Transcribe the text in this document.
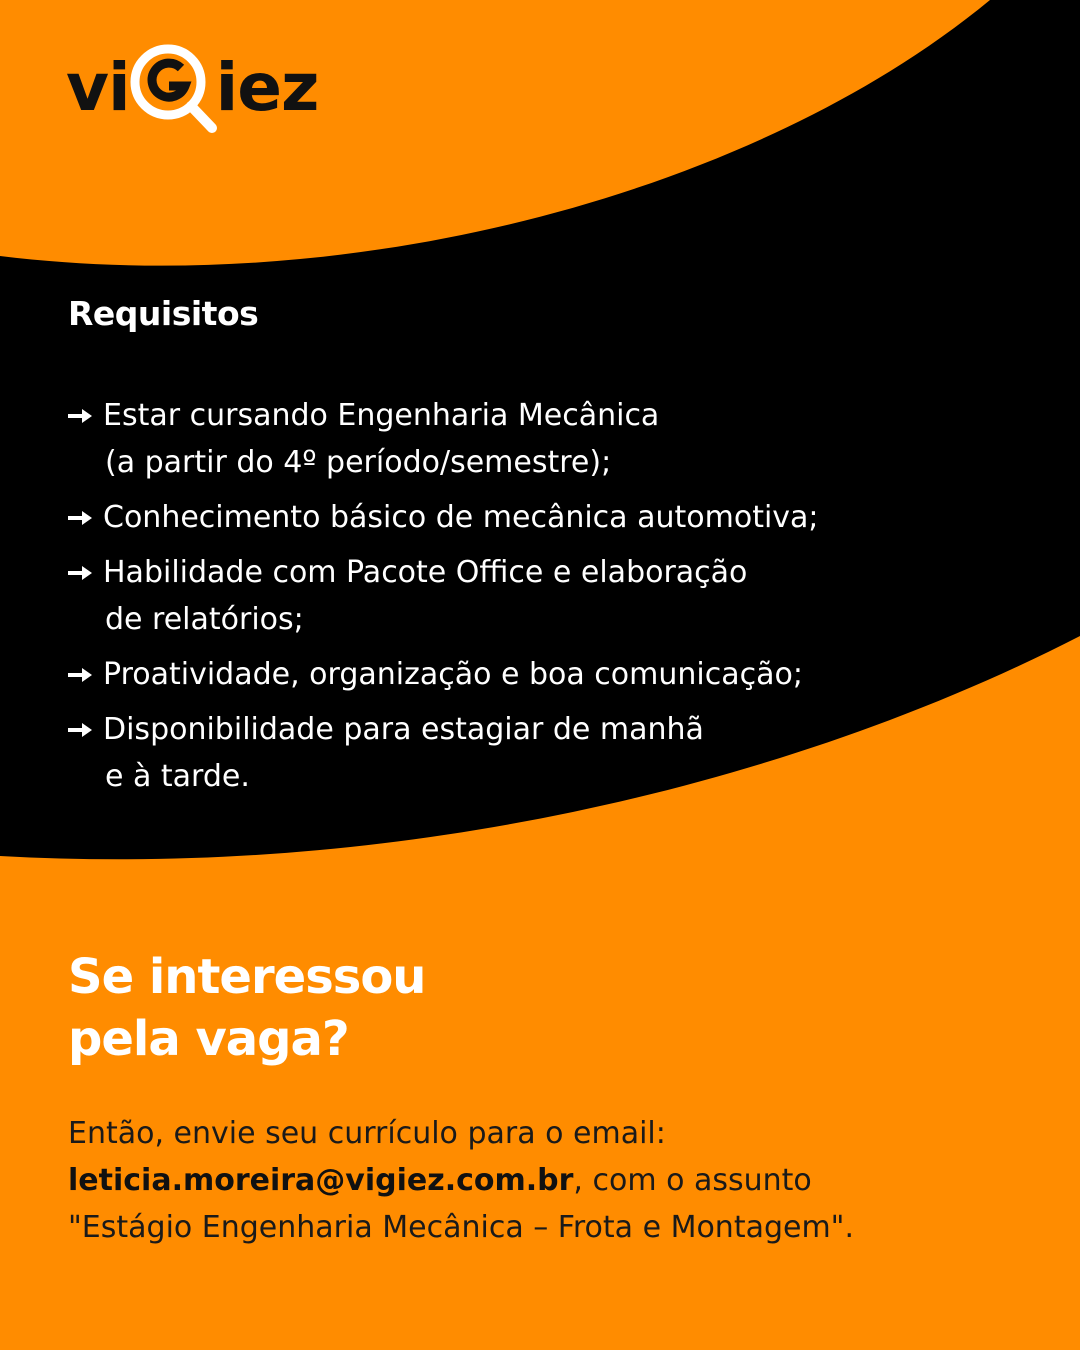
vi iez
Requisitos
Estar cursando Engenharia Mecânica
(a partir do 4º período/semestre);
Conhecimento básico de mecânica automotiva;
Habilidade com Pacote Office e elaboração
de relatórios;
Proatividade, organização e boa comunicação;
Disponibilidade para estagiar de manhã
e à tarde.
Se interessou
pela vaga?
Então, envie seu currículo para o email:
leticia.moreira@vigiez.com.br, com o assunto
"Estágio Engenharia Mecânica – Frota e Montagem".
